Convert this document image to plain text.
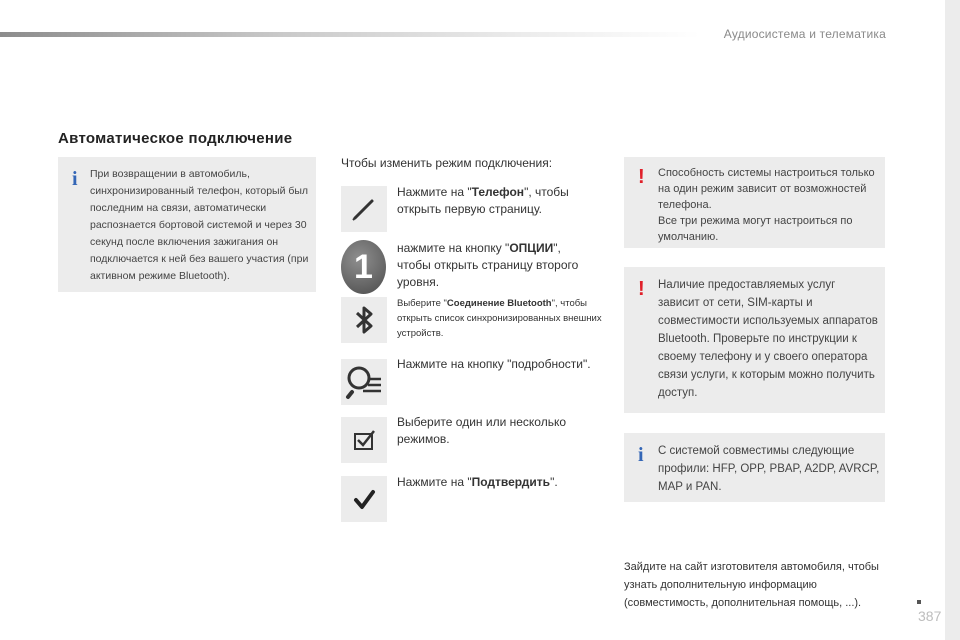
Аудиосистема и телематика
387
Автоматическое подключение
i При возвращении в автомобиль, синхронизированный телефон, который был последним на связи, автоматически распознается бортовой системой и через 30 секунд после включения зажигания он подключается к ней без вашего участия (при активном режиме Bluetooth).
Чтобы изменить режим подключения:
1
Нажмите на "Телефон", чтобы открыть первую страницу.
нажмите на кнопку "ОПЦИИ", чтобы открыть страницу второго уровня.
Выберите "Соединение Bluetooth", чтобы открыть список синхронизированных внешних устройств.
Нажмите на кнопку "подробности".
Выберите один или несколько режимов.
Нажмите на "Подтвердить".
! Способность системы настроиться только на один режим зависит от возможностей телефона.
Все три режима могут настроиться по умолчанию.
! Наличие предоставляемых услуг зависит от сети, SIM-карты и совместимости используемых аппаратов Bluetooth. Проверьте по инструкции к своему телефону и у своего оператора связи услуги, к которым можно получить доступ.
i С системой совместимы следующие профили: HFP, OPP, PBAP, A2DP, AVRCP, MAP и PAN.
Зайдите на сайт изготовителя автомобиля, чтобы узнать дополнительную информацию (совместимость, дополнительная помощь, ...).
